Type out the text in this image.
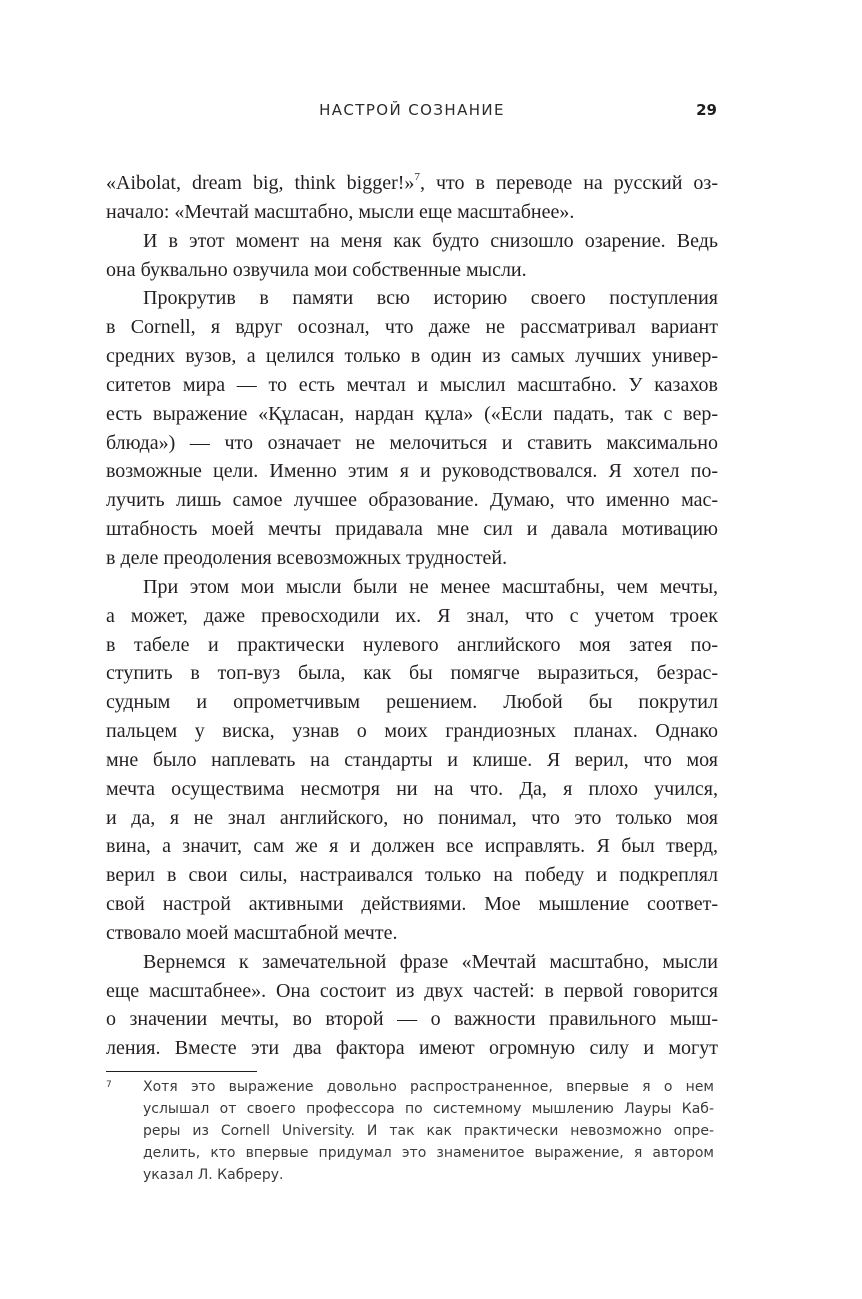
НАСТРОЙ СОЗНАНИЕ	29
«Aibolat, dream big, think bigger!»$^7$, что в переводе на русский оз-
начало: «Мечтай масштабно, мысли еще масштабнее».
И в этот момент на меня как будто снизошло озарение. Ведь
она буквально озвучила мои собственные мысли.
Прокрутив в памяти всю историю своего поступления
в Cornell, я вдруг осознал, что даже не рассматривал вариант
средних вузов, а целился только в один из самых лучших универ-
ситетов мира — то есть мечтал и мыслил масштабно. У казахов
есть выражение «Құласан, нардан құла» («Если падать, так с вер-
блюда») — что означает не мелочиться и ставить максимально
возможные цели. Именно этим я и руководствовался. Я хотел по-
лучить лишь самое лучшее образование. Думаю, что именно мас-
штабность моей мечты придавала мне сил и давала мотивацию
в деле преодоления всевозможных трудностей.
При этом мои мысли были не менее масштабны, чем мечты,
а может, даже превосходили их. Я знал, что с учетом троек
в табеле и практически нулевого английского моя затея по-
ступить в топ-вуз была, как бы помягче выразиться, безрас-
судным и опрометчивым решением. Любой бы покрутил
пальцем у виска, узнав о моих грандиозных планах. Однако
мне было наплевать на стандарты и клише. Я верил, что моя
мечта осуществима несмотря ни на что. Да, я плохо учился,
и да, я не знал английского, но понимал, что это только моя
вина, а значит, сам же я и должен все исправлять. Я был тверд,
верил в свои силы, настраивался только на победу и подкреплял
свой настрой активными действиями. Мое мышление соответ-
ствовало моей масштабной мечте.
Вернемся к замечательной фразе «Мечтай масштабно, мысли
еще масштабнее». Она состоит из двух частей: в первой говорится
о значении мечты, во второй — о важности правильного мыш-
ления. Вместе эти два фактора имеют огромную силу и могут
7 Хотя это выражение довольно распространенное, впервые я о нем
услышал от своего профессора по системному мышлению Лауры Каб-
реры из Cornell University. И так как практически невозможно опре-
делить, кто впервые придумал это знаменитое выражение, я автором
указал Л. Кабреру.
